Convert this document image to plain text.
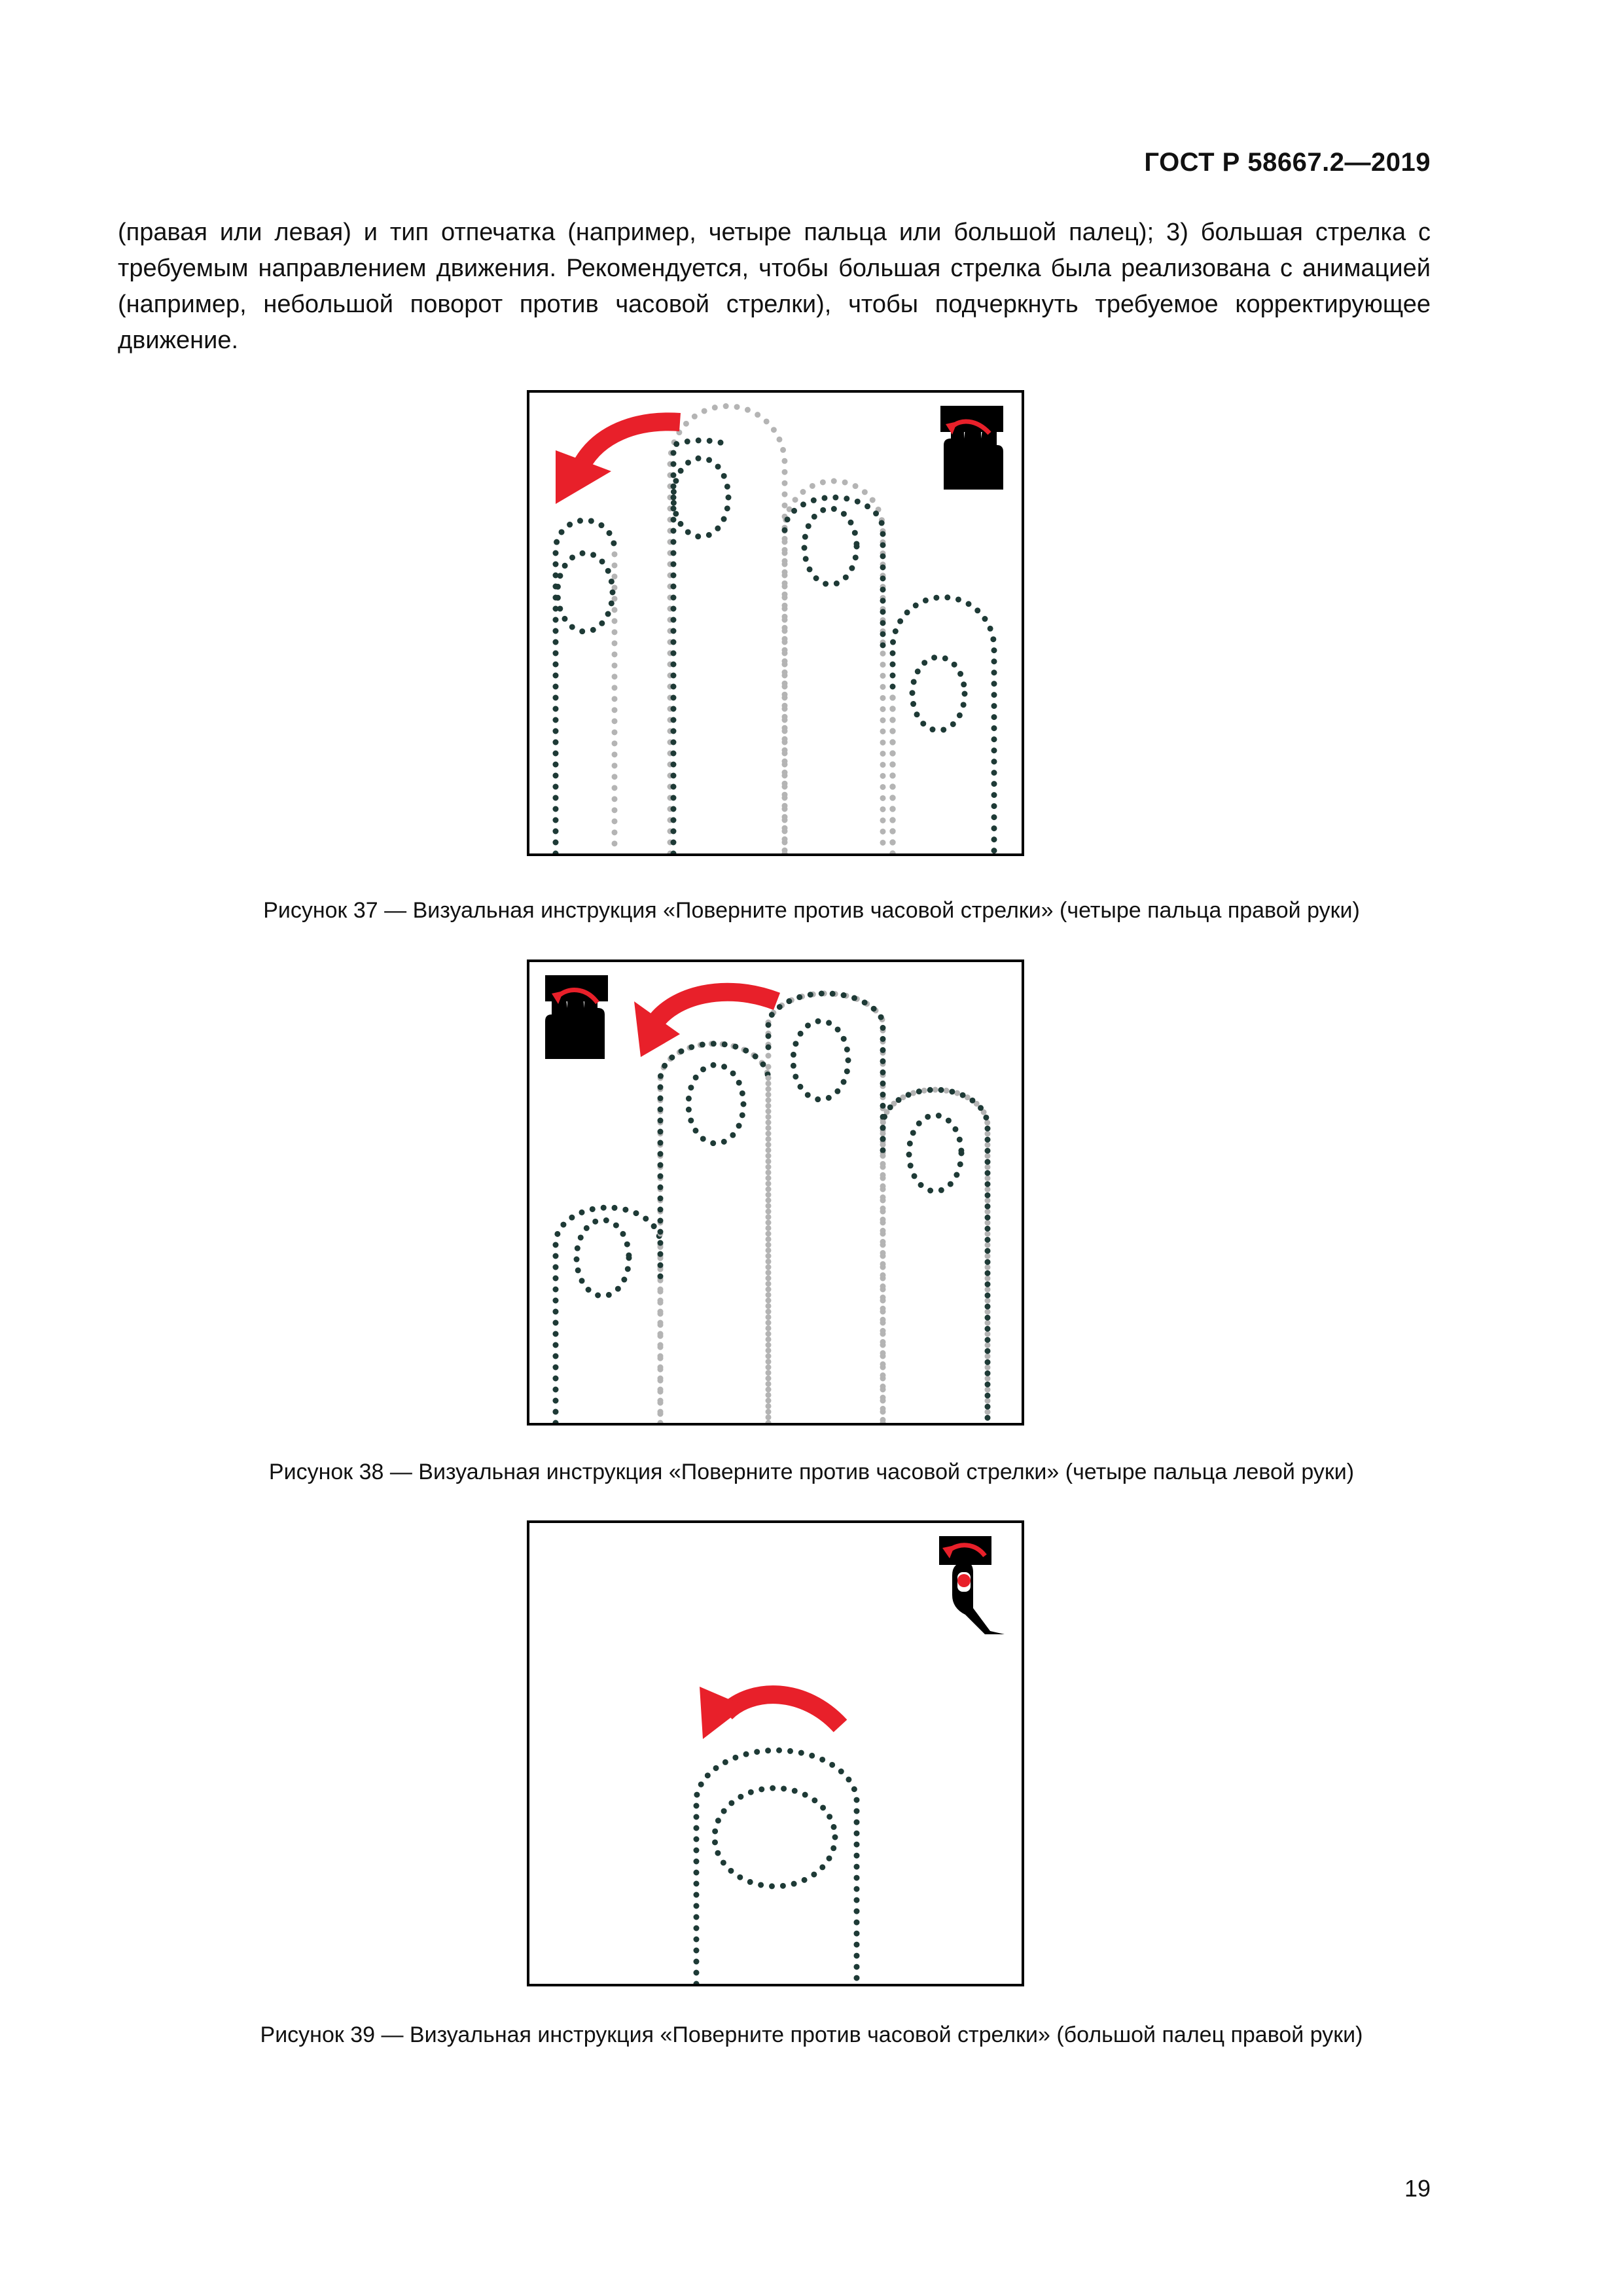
ГОСТ Р 58667.2—2019
(правая или левая) и тип отпечатка (например, четыре пальца или большой палец); 3) большая стрелка с требуемым направлением движения. Рекомендуется, чтобы большая стрелка была реализована с анимацией (например, небольшой поворот против часовой стрелки), чтобы подчеркнуть требуемое корректирующее движение.
Рисунок 37 — Визуальная инструкция «Поверните против часовой стрелки» (четыре пальца правой руки)
Рисунок 38 — Визуальная инструкция «Поверните против часовой стрелки» (четыре пальца левой руки)
Рисунок 39 — Визуальная инструкция «Поверните против часовой стрелки» (большой палец правой руки)
19
